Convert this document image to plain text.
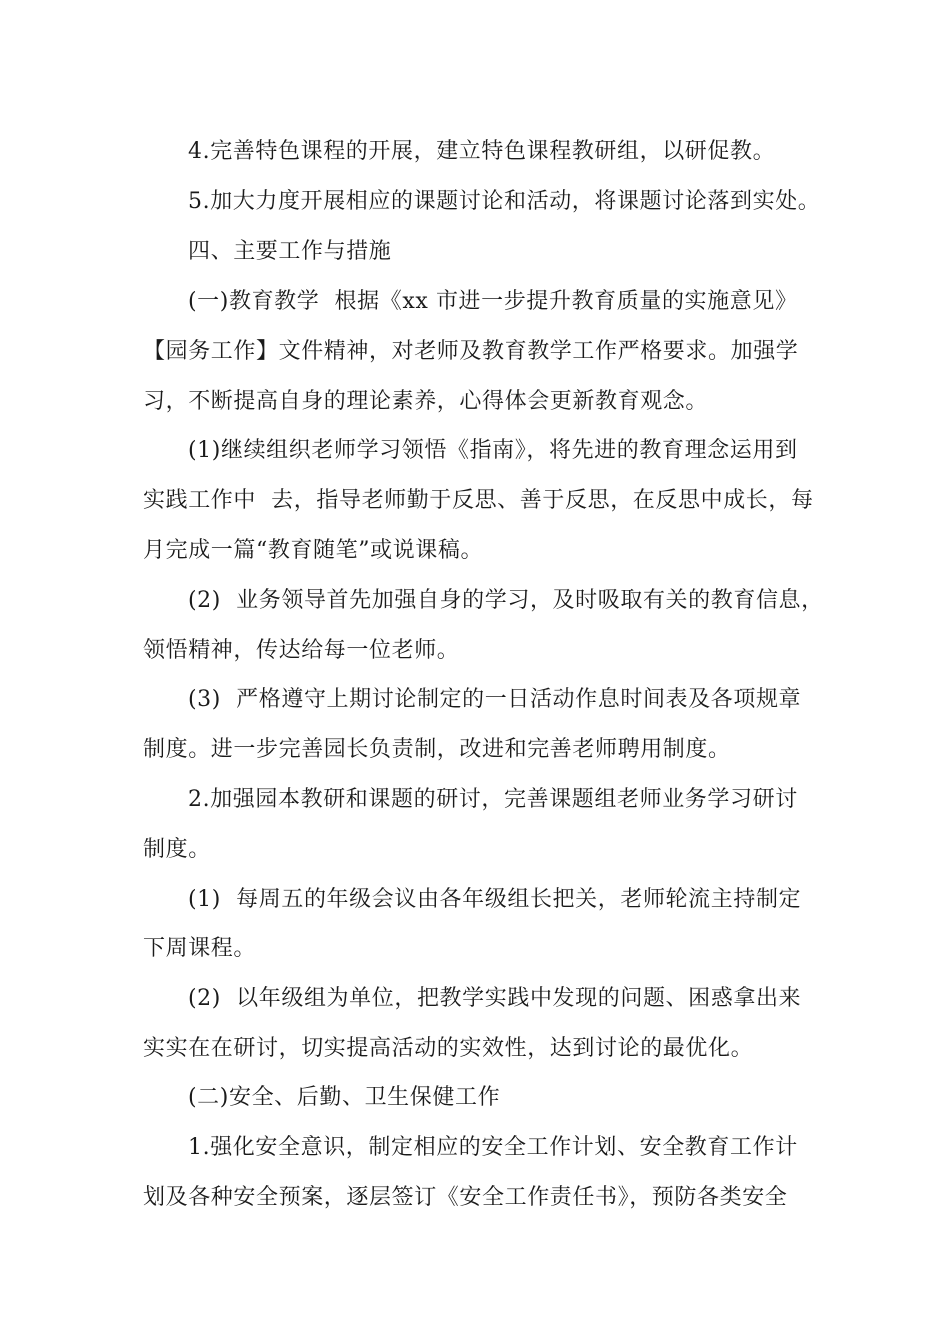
4.完善特色课程的开展，建立特色课程教研组，以研促教。
5.加大力度开展相应的课题讨论和活动，将课题讨论落到实处。
四、主要工作与措施
(一)教育教学  根据《xx 市进一步提升教育质量的实施意见》
【园务工作】文件精神，对老师及教育教学工作严格要求。加强学
习，不断提高自身的理论素养，心得体会更新教育观念。
(1)继续组织老师学习领悟《指南》，将先进的教育理念运用到
实践工作中  去，指导老师勤于反思、善于反思，在反思中成长，每
月完成一篇“教育随笔”或说课稿。
(2)  业务领导首先加强自身的学习，及时吸取有关的教育信息，
领悟精神，传达给每一位老师。
(3)  严格遵守上期讨论制定的一日活动作息时间表及各项规章
制度。进一步完善园长负责制，改进和完善老师聘用制度。
2.加强园本教研和课题的研讨，完善课题组老师业务学习研讨
制度。
(1)  每周五的年级会议由各年级组长把关，老师轮流主持制定
下周课程。
(2)  以年级组为单位，把教学实践中发现的问题、困惑拿出来
实实在在研讨，切实提高活动的实效性，达到讨论的最优化。
(二)安全、后勤、卫生保健工作
1.强化安全意识，制定相应的安全工作计划、安全教育工作计
划及各种安全预案，逐层签订《安全工作责任书》，预防各类安全
